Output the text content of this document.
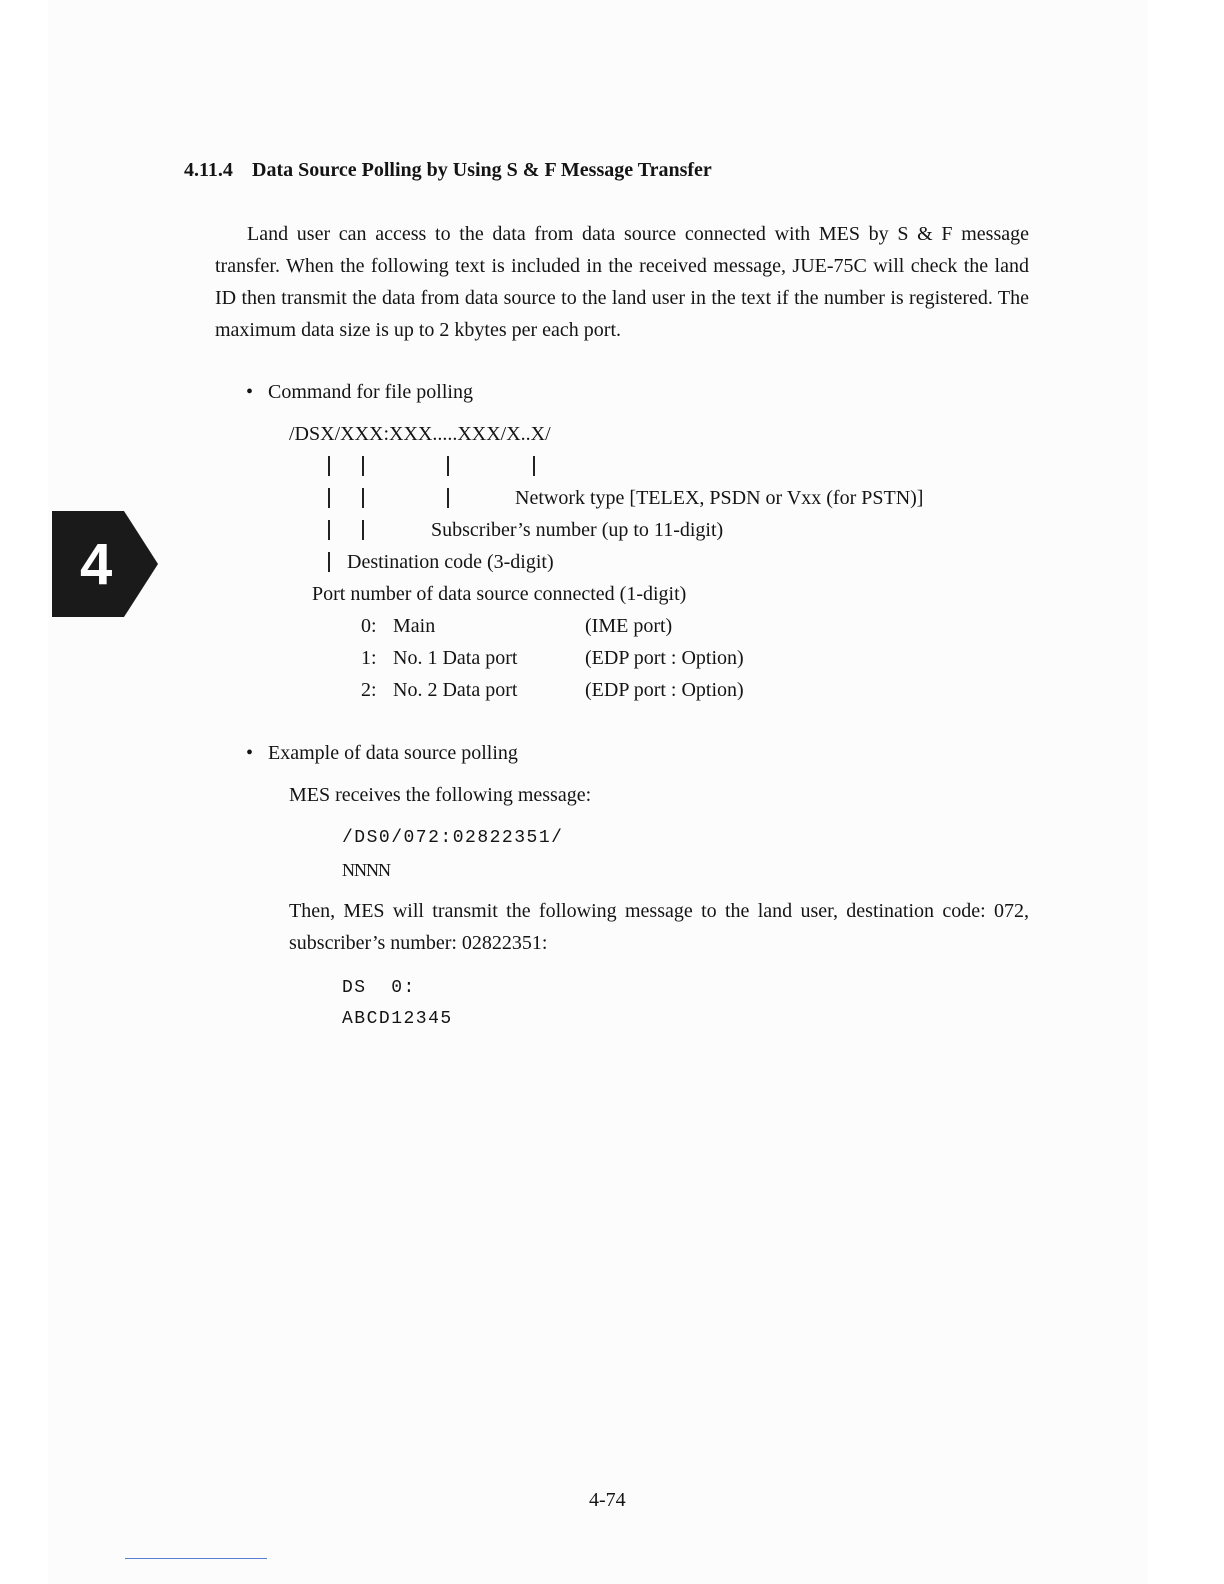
4
4.11.4 Data Source Polling by Using S & F Message Transfer
Land user can access to the data from data source connected with MES by S & F message transfer. When the following text is included in the received message, JUE-75C will check the land ID then transmit the data from data source to the land user in the text if the number is registered. The maximum data size is up to 2 kbytes per each port.
• Command for file polling
/DSX/XXX:XXX.....XXX/X..X/
Network type [TELEX, PSDN or Vxx (for PSTN)]
Subscriber’s number (up to 11-digit)
Destination code (3-digit)
Port number of data source connected (1-digit)
0: Main	(IME port)
1: No. 1 Data port	(EDP port : Option)
2: No. 2 Data port	(EDP port : Option)
• Example of data source polling
MES receives the following message:
/DS0/072:02822351/
NNNN
Then, MES will transmit the following message to the land user, destination code: 072,
subscriber’s number: 02822351:
DS  0:
ABCD12345
4-74
